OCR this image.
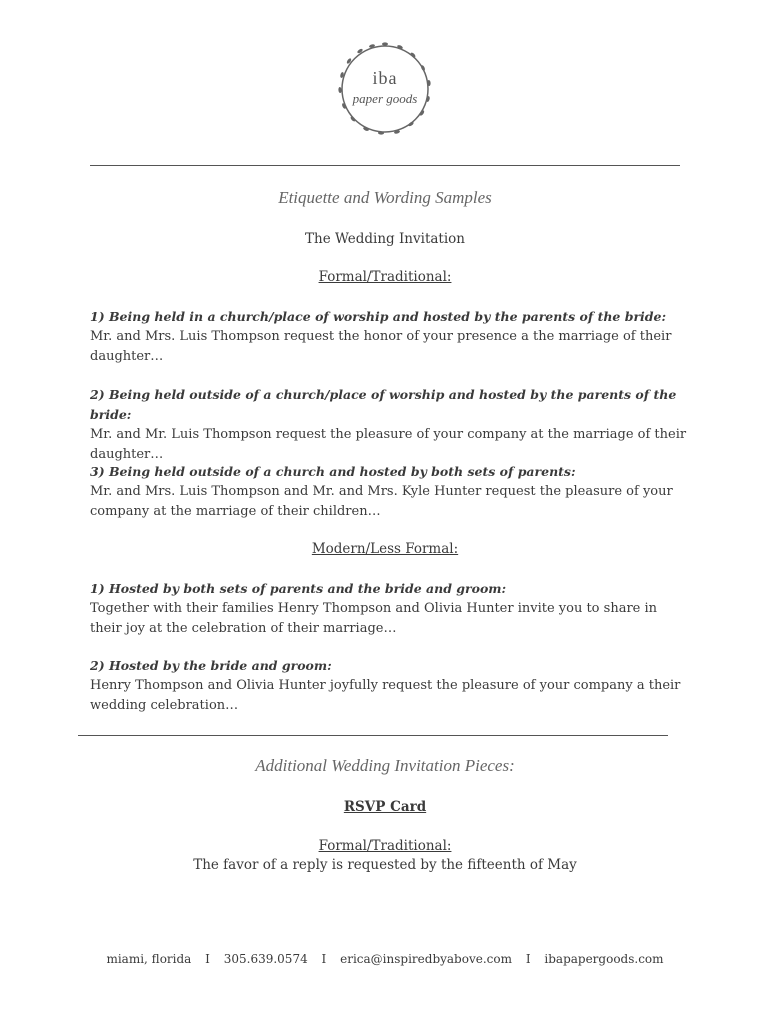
iba
paper goods
Etiquette and Wording Samples
The Wedding Invitation
Formal/Traditional:
1) Being held in a church/place of worship and hosted by the parents of the bride:
Mr. and Mrs. Luis Thompson request the honor of your presence a the marriage of their daughter…
2) Being held outside of a church/place of worship and hosted by the parents of the bride:
Mr. and Mr. Luis Thompson request the pleasure of your company at the marriage of their daughter…
3) Being held outside of a church and hosted by both sets of parents:
Mr. and Mrs. Luis Thompson and Mr. and Mrs. Kyle Hunter request the pleasure of your company at the marriage of their children…
Modern/Less Formal:
1) Hosted by both sets of parents and the bride and groom:
Together with their families Henry Thompson and Olivia Hunter invite you to share in their joy at the celebration of their marriage…
2) Hosted by the bride and groom:
Henry Thompson and Olivia Hunter joyfully request the pleasure of your company a their wedding celebration…
Additional Wedding Invitation Pieces:
RSVP Card
Formal/Traditional:
The favor of a reply is requested by the fifteenth of May
miami, florida I 305.639.0574 I erica@inspiredbyabove.com I ibapapergoods.com
